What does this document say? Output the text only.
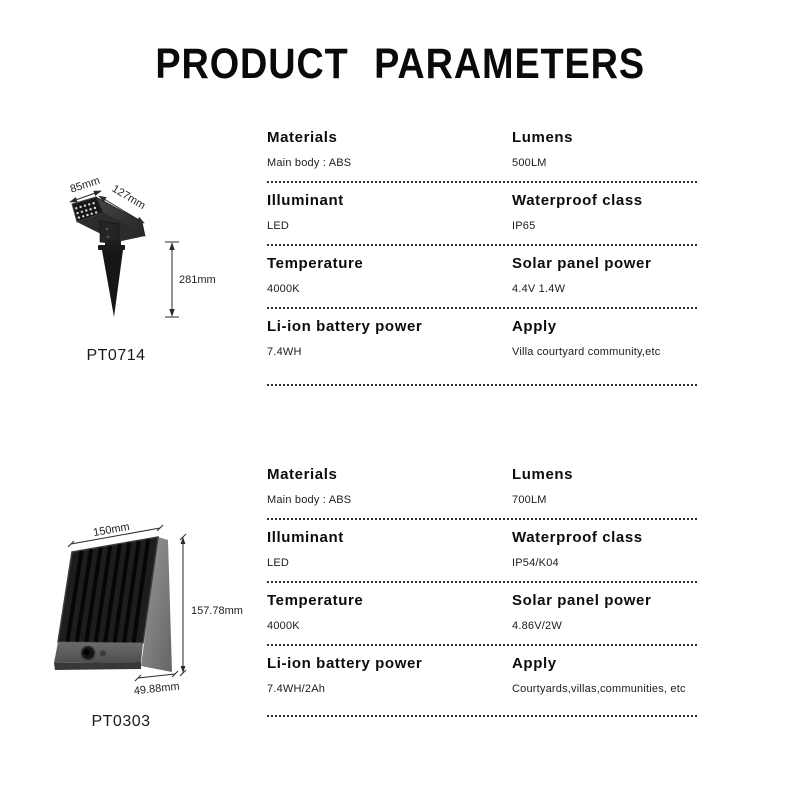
PRODUCT PARAMETERS
85mm 127mm
281mm
PT0714
Materials
Main body : ABS
Lumens
500LM
Illuminant
LED
Waterproof class
IP65
Temperature
4000K
Solar panel power
4.4V 1.4W
Li-ion battery power
7.4WH
Apply
Villa courtyard community,etc
150mm
157.78mm
49.88mm
PT0303
Materials
Main body : ABS
Lumens
700LM
Illuminant
LED
Waterproof class
IP54/K04
Temperature
4000K
Solar panel power
4.86V/2W
Li-ion battery power
7.4WH/2Ah
Apply
Courtyards,villas,communities, etc
